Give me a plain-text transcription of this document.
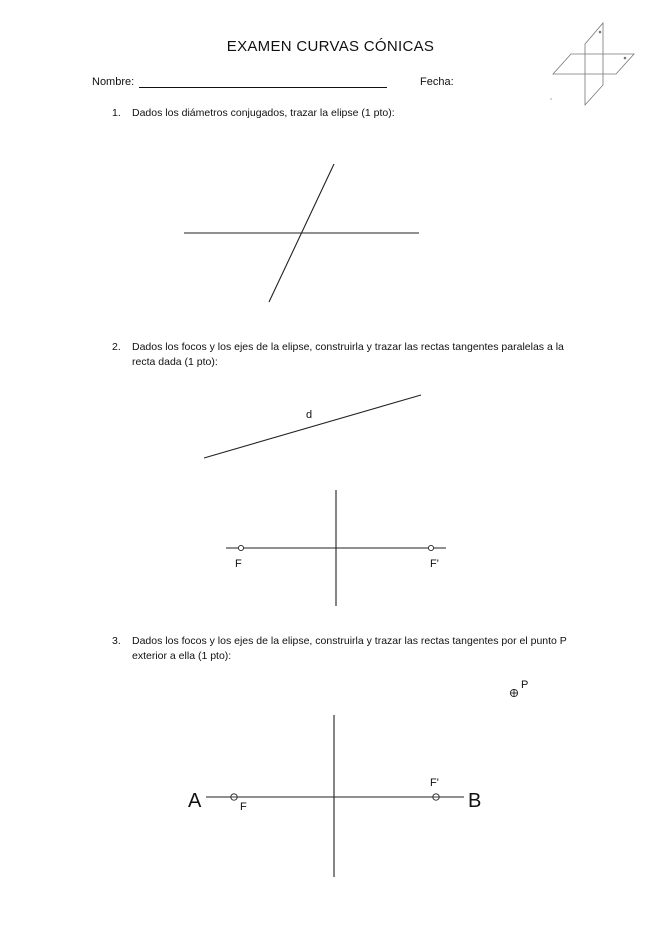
EXAMEN CURVAS CÓNICAS
Nombre:	Fecha:
1. Dados los diámetros conjugados, trazar la elipse (1 pto):
2. Dados los focos y los ejes de la elipse, construirla y trazar las rectas tangentes paralelas a la recta dada (1 pto):
3. Dados los focos y los ejes de la elipse, construirla y trazar las rectas tangentes por el punto P exterior a ella (1 pto):
d
F	F'
P
A	B
F
F'
